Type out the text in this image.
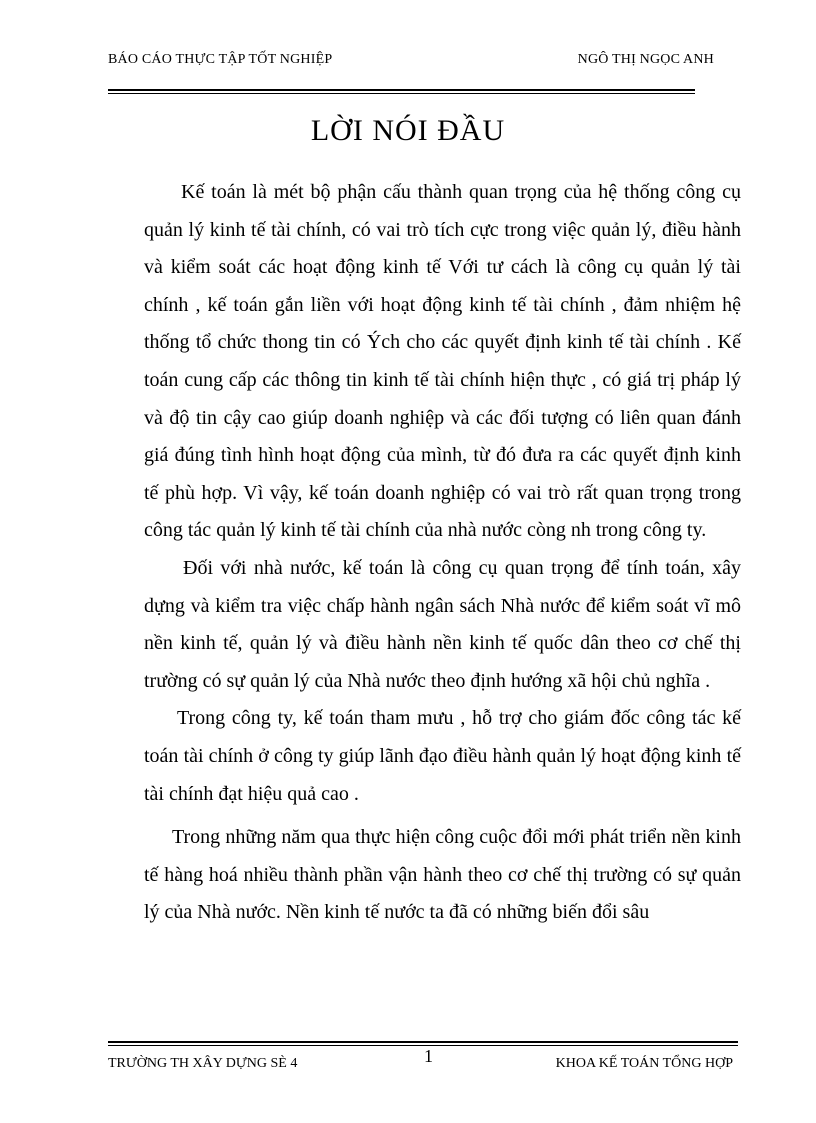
BÁO CÁO THỰC TẬP TỐT NGHIỆP	NGÔ THỊ NGỌC ANH
LỜI NÓI ĐẦU

Kế toán là mét bộ phận cấu thành quan trọng của hệ thống công cụ quản lý kinh tế tài chính, có vai trò tích cực trong việc quản lý, điều hành và kiểm soát các hoạt động kinh tế Với tư cách là công cụ quản lý tài chính , kế toán gắn liền với hoạt động kinh tế tài chính , đảm nhiệm hệ thống tổ chức thong tin có Ých cho các quyết định kinh tế tài chính . Kế toán cung cấp các thông tin kinh tế tài chính hiện thực , có giá trị pháp lý và độ tin cậy cao giúp doanh nghiệp và các đối tượng có liên quan đánh giá đúng tình hình hoạt động của mình, từ đó đưa ra các quyết định kinh tế phù hợp. Vì vậy, kế toán doanh nghiệp có vai trò rất quan trọng trong công tác quản lý kinh tế tài chính của nhà nước còng nh trong công ty.

Đối với nhà nước, kế toán là công cụ quan trọng để tính toán, xây dựng và kiểm tra việc chấp hành ngân sách Nhà nước để kiểm soát vĩ mô nền kinh tế, quản lý và điều hành nền kinh tế quốc dân theo cơ chế thị trường có sự quản lý của Nhà nước theo định hướng xã hội chủ nghĩa .

Trong công ty, kế toán tham mưu , hỗ trợ cho giám đốc công tác kế toán tài chính ở công ty giúp lãnh đạo điều hành quản lý hoạt động kinh tế tài chính đạt hiệu quả cao .

Trong những năm qua thực hiện công cuộc đổi mới phát triển nền kinh tế hàng hoá nhiều thành phần vận hành theo cơ chế thị trường có sự quản lý của Nhà nước. Nền kinh tế nước ta đã có những biến đổi sâu

TRƯỜNG TH XÂY DỰNG SÈ 4	1	KHOA KẾ TOÁN TỔNG HỢP
